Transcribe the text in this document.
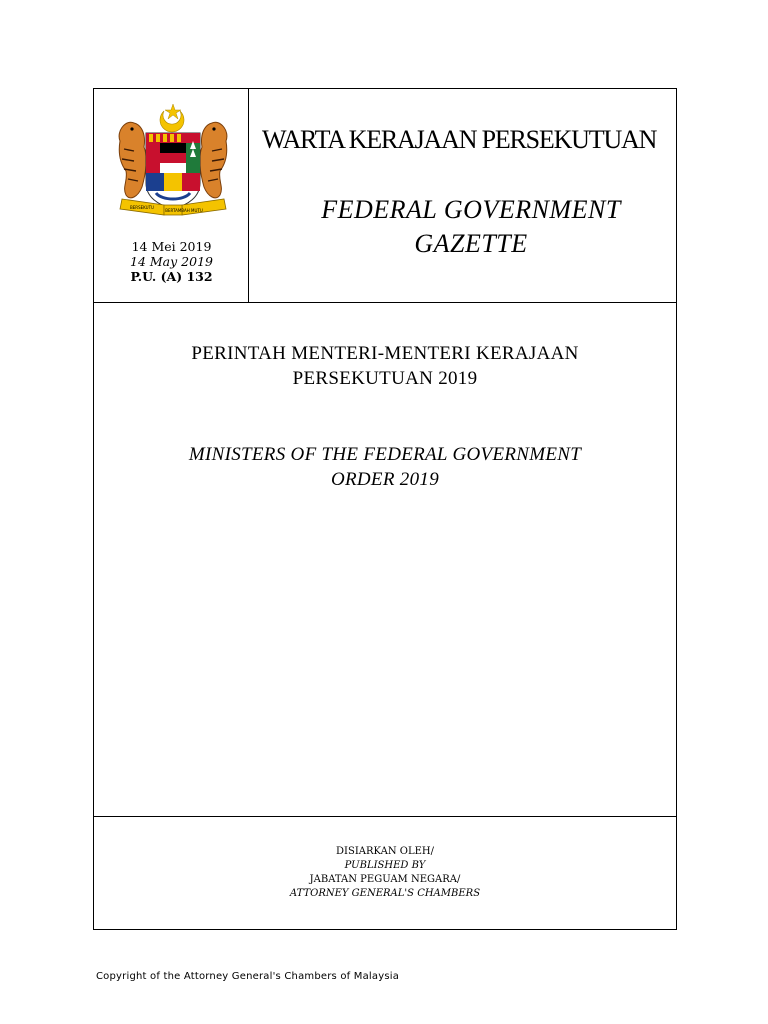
BERSEKUTU
BERTAMBAH MUTU
14 Mei 2019
14 May 2019
P.U. (A) 132
WARTA KERAJAAN PERSEKUTUAN
FEDERAL GOVERNMENT
GAZETTE
PERINTAH MENTERI-MENTERI KERAJAAN
PERSEKUTUAN 2019
MINISTERS OF THE FEDERAL GOVERNMENT
ORDER 2019
DISIARKAN OLEH/
PUBLISHED BY
JABATAN PEGUAM NEGARA/
ATTORNEY GENERAL'S CHAMBERS
Copyright of the Attorney General's Chambers of Malaysia
